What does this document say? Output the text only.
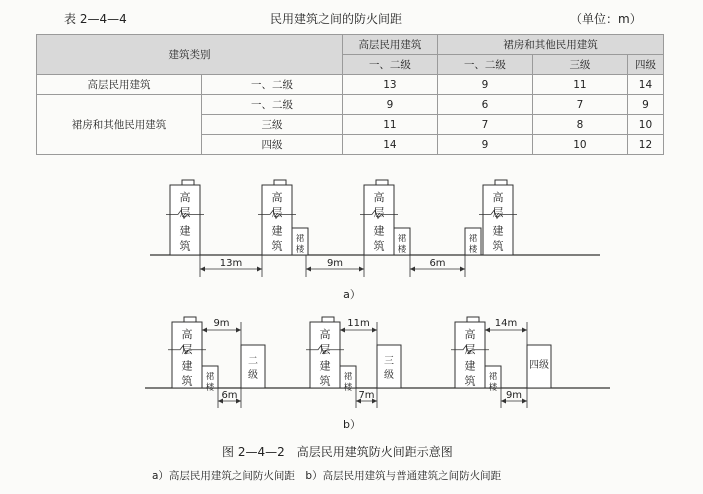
表 2—4—4	民用建筑之间的防火间距	（单位：m）
建筑类别		高层民用建筑	裙房和其他民用建筑		
		一、二级	一、二级	三级	四级
高层民用建筑	一、二级	13	9	11	14
裙房和其他民用建筑	一、二级	9	6	7	9
	三级	11	7	8	10
	四级	14	9	10	12
高
层
建
筑
高
层
建
筑
裙
楼
高
层
建
筑
裙
楼
裙
楼
高
层
建
筑
13m	9m	6m
a）
高
层
建
筑 裙
楼
二
级
9m
6m
高
层
建
筑 裙
楼
三
级
11m
7m
高
层
建
筑 裙
楼
四级
14m
9m
b）
图 2—4—2　高层民用建筑防火间距示意图
a）高层民用建筑之间防火间距　b）高层民用建筑与普通建筑之间防火间距
